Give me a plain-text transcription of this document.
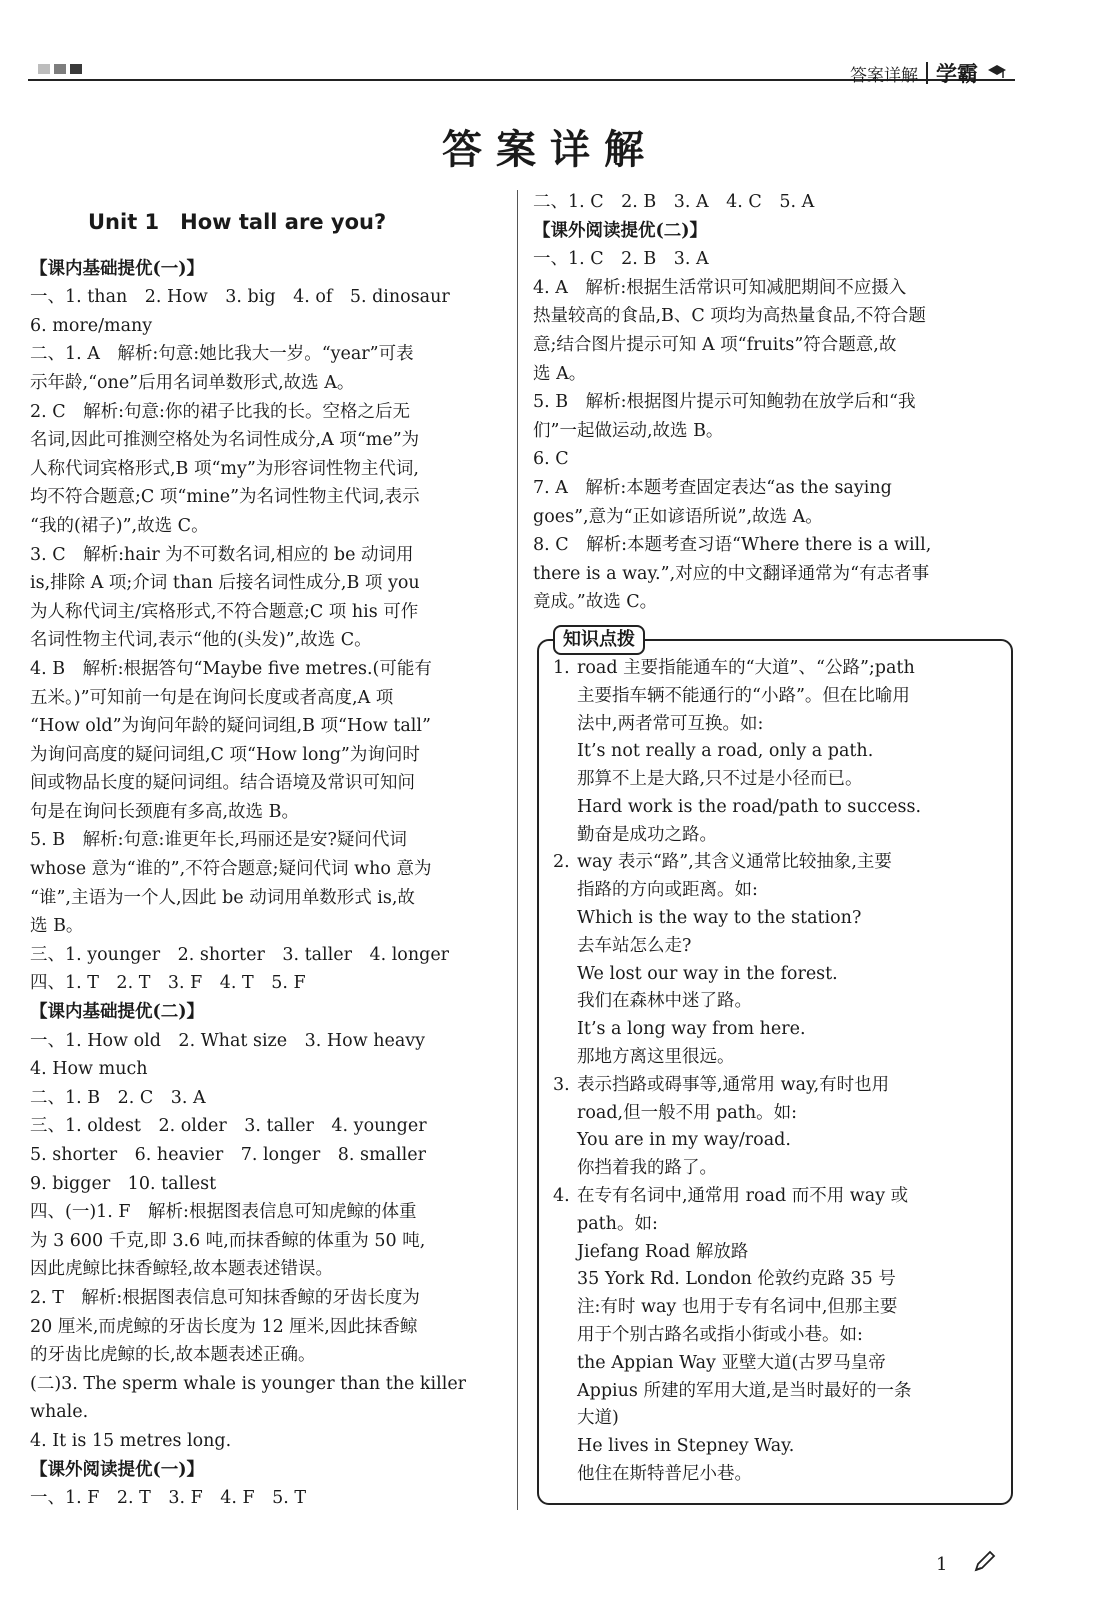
答案详解 学霸
答案详解
Unit 1　How tall are you?
【课内基础提优(一)】
一、1. than　2. How　3. big　4. of　5. dinosaur
6. more/many
二、1. A　解析:句意:她比我大一岁。“year”可表
示年龄,“one”后用名词单数形式,故选 A。
2. C　解析:句意:你的裙子比我的长。空格之后无
名词,因此可推测空格处为名词性成分,A 项“me”为
人称代词宾格形式,B 项“my”为形容词性物主代词,
均不符合题意;C 项“mine”为名词性物主代词,表示
“我的(裙子)”,故选 C。
3. C　解析:hair 为不可数名词,相应的 be 动词用
is,排除 A 项;介词 than 后接名词性成分,B 项 you
为人称代词主/宾格形式,不符合题意;C 项 his 可作
名词性物主代词,表示“他的(头发)”,故选 C。
4. B　解析:根据答句“Maybe five metres.(可能有
五米。)”可知前一句是在询问长度或者高度,A 项
“How old”为询问年龄的疑问词组,B 项“How tall”
为询问高度的疑问词组,C 项“How long”为询问时
间或物品长度的疑问词组。结合语境及常识可知问
句是在询问长颈鹿有多高,故选 B。
5. B　解析:句意:谁更年长,玛丽还是安?疑问代词
whose 意为“谁的”,不符合题意;疑问代词 who 意为
“谁”,主语为一个人,因此 be 动词用单数形式 is,故
选 B。
三、1. younger　2. shorter　3. taller　4. longer
四、1. T　2. T　3. F　4. T　5. F
【课内基础提优(二)】
一、1. How old　2. What size　3. How heavy
4. How much
二、1. B　2. C　3. A
三、1. oldest　2. older　3. taller　4. younger
5. shorter　6. heavier　7. longer　8. smaller
9. bigger　10. tallest
四、(一)1. F　解析:根据图表信息可知虎鲸的体重
为 3 600 千克,即 3.6 吨,而抹香鲸的体重为 50 吨,
因此虎鲸比抹香鲸轻,故本题表述错误。
2. T　解析:根据图表信息可知抹香鲸的牙齿长度为
20 厘米,而虎鲸的牙齿长度为 12 厘米,因此抹香鲸
的牙齿比虎鲸的长,故本题表述正确。
(二)3. The sperm whale is younger than the killer
whale.
4. It is 15 metres long.
【课外阅读提优(一)】
一、1. F　2. T　3. F　4. F　5. T
二、1. C　2. B　3. A　4. C　5. A
【课外阅读提优(二)】
一、1. C　2. B　3. A
4. A　解析:根据生活常识可知减肥期间不应摄入
热量较高的食品,B、C 项均为高热量食品,不符合题
意;结合图片提示可知 A 项“fruits”符合题意,故
选 A。
5. B　解析:根据图片提示可知鲍勃在放学后和“我
们”一起做运动,故选 B。
6. C
7. A　解析:本题考查固定表达“as the saying
goes”,意为“正如谚语所说”,故选 A。
8. C　解析:本题考查习语“Where there is a will,
there is a way.”,对应的中文翻译通常为“有志者事
竟成。”故选 C。
知识点拨
1. road 主要指能通车的“大道”、“公路”;path
主要指车辆不能通行的“小路”。但在比喻用
法中,两者常可互换。如:
It’s not really a road, only a path.
那算不上是大路,只不过是小径而已。
Hard work is the road/path to success.
勤奋是成功之路。
2. way 表示“路”,其含义通常比较抽象,主要
指路的方向或距离。如:
Which is the way to the station?
去车站怎么走?
We lost our way in the forest.
我们在森林中迷了路。
It’s a long way from here.
那地方离这里很远。
3. 表示挡路或碍事等,通常用 way,有时也用
road,但一般不用 path。如:
You are in my way/road.
你挡着我的路了。
4. 在专有名词中,通常用 road 而不用 way 或
path。如:
Jiefang Road 解放路
35 York Rd. London 伦敦约克路 35 号
注:有时 way 也用于专有名词中,但那主要
用于个别古路名或指小街或小巷。如:
the Appian Way 亚壁大道(古罗马皇帝
Appius 所建的军用大道,是当时最好的一条
大道)
He lives in Stepney Way.
他住在斯特普尼小巷。
1
